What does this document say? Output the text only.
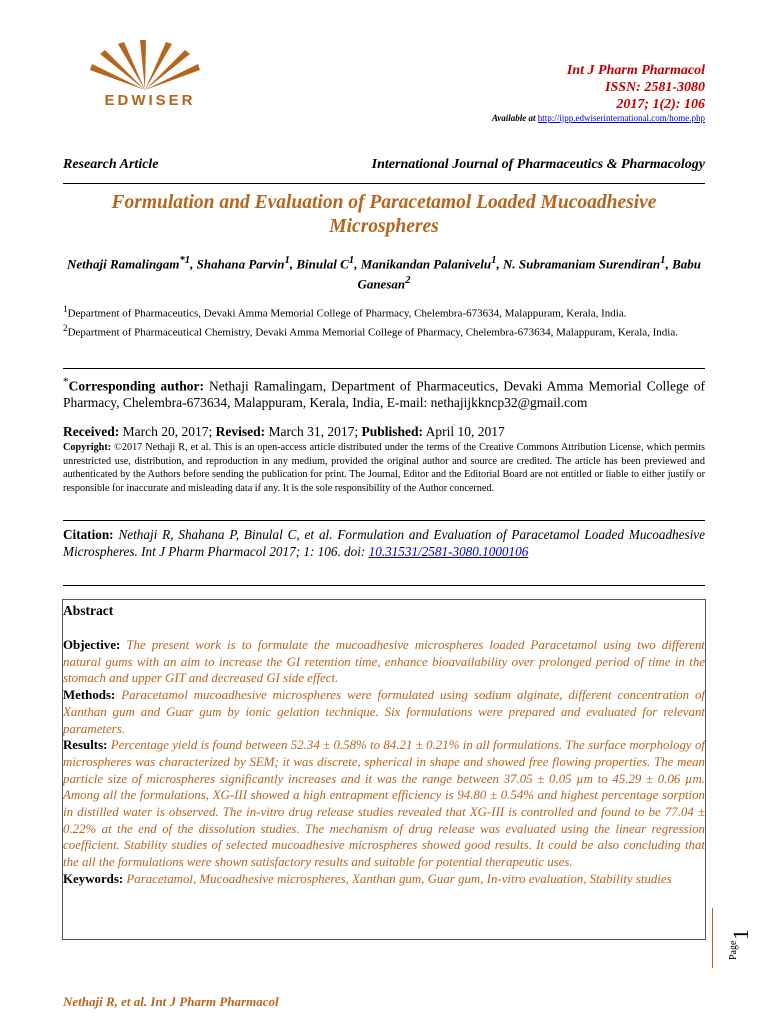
EDWISER
Int J Pharm Pharmacol
ISSN: 2581-3080
2017; 1(2): 106
Available at http://ijpp.edwiserinternational.com/home.php
Research Article	International Journal of Pharmaceutics & Pharmacology
Formulation and Evaluation of Paracetamol Loaded Mucoadhesive Microspheres
Nethaji Ramalingam$^{*1}$, Shahana Parvin$^1$, Binulal $C^1$, Manikandan Palanivelu$^1$, N. Subramaniam Surendiran$^1$, Babu Ganesan$^2$
$^1$Department of Pharmaceutics, Devaki Amma Memorial College of Pharmacy, Chelembra-673634, Malappuram, Kerala, India.
$^2$Department of Pharmaceutical Chemistry, Devaki Amma Memorial College of Pharmacy, Chelembra-673634, Malappuram, Kerala, India.
*Corresponding author: Nethaji Ramalingam, Department of Pharmaceutics, Devaki Amma Memorial College of Pharmacy, Chelembra-673634, Malappuram, Kerala, India, E-mail: nethajijkkncp32@gmail.com
Received: March 20, 2017; Revised: March 31, 2017; Published: April 10, 2017
Copyright: ©2017 Nethaji R, et al. This is an open-access article distributed under the terms of the Creative Commons Attribution License, which permits unrestricted use, distribution, and reproduction in any medium, provided the original author and source are credited. The article has been previewed and authenticated by the Authors before sending the publication for print. The Journal, Editor and the Editorial Board are not entitled or liable to either justify or responsible for inaccurate and misleading data if any. It is the sole responsibility of the Author concerned.
Citation: Nethaji R, Shahana P, Binulal C, et al. Formulation and Evaluation of Paracetamol Loaded Mucoadhesive Microspheres. Int J Pharm Pharmacol 2017; 1: 106. doi: 10.31531/2581-3080.1000106
Abstract

Objective: The present work is to formulate the mucoadhesive microspheres loaded Paracetamol using two different natural gums with an aim to increase the GI retention time, enhance bioavailability over prolonged period of time in the stomach and upper GIT and decreased GI side effect.

Methods: Paracetamol mucoadhesive microspheres were formulated using sodium alginate, different concentration of Xanthan gum and Guar gum by ionic gelation technique. Six formulations were prepared and evaluated for relevant parameters.

Results: Percentage yield is found between 52.34 ± 0.58% to 84.21 ± 0.21% in all formulations. The surface morphology of microspheres was characterized by SEM; it was discrete, spherical in shape and showed free flowing properties. The mean particle size of microspheres significantly increases and it was the range between 37.05 ± 0.05 µm to 45.29 ± 0.06 µm. Among all the formulations, XG-III showed a high entrapment efficiency is 94.80 ± 0.54% and highest percentage sorption in distilled water is observed. The in-vitro drug release studies revealed that XG-III is controlled and found to be 77.04 ± 0.22% at the end of the dissolution studies. The mechanism of drug release was evaluated using the linear regression coefficient. Stability studies of selected mucoadhesive microspheres showed good results. It could be also concluding that the all the formulations were shown satisfactory results and suitable for potential therapeutic uses.

Keywords: Paracetamol, Mucoadhesive microspheres, Xanthan gum, Guar gum, In-vitro evaluation, Stability studies

Page
1
Nethaji R, et al. Int J Pharm Pharmacol
